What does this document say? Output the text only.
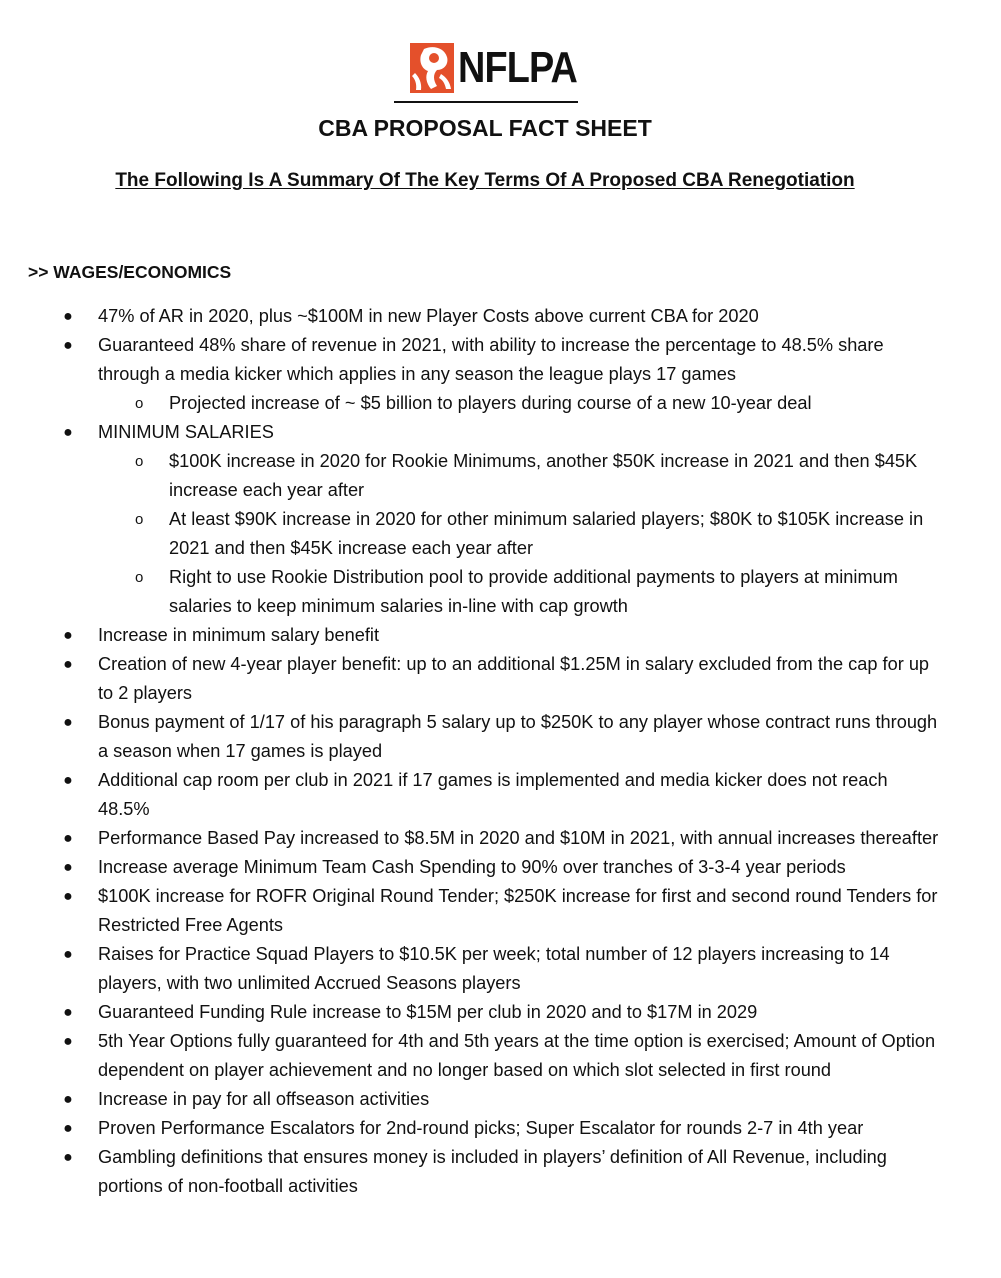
NFLPA
CBA PROPOSAL FACT SHEET
The Following Is A Summary Of The Key Terms Of A Proposed CBA Renegotiation
>> WAGES/ECONOMICS
● 47% of AR in 2020, plus ~$100M in new Player Costs above current CBA for 2020
● Guaranteed 48% share of revenue in 2021, with ability to increase the percentage to 48.5% share through a media kicker which applies in any season the league plays 17 games
o Projected increase of ~ $5 billion to players during course of a new 10-year deal
● MINIMUM SALARIES
o $100K increase in 2020 for Rookie Minimums, another $50K increase in 2021 and then $45K increase each year after
o At least $90K increase in 2020 for other minimum salaried players; $80K to $105K increase in 2021 and then $45K increase each year after
o Right to use Rookie Distribution pool to provide additional payments to players at minimum salaries to keep minimum salaries in-line with cap growth
● Increase in minimum salary benefit
● Creation of new 4-year player benefit: up to an additional $1.25M in salary excluded from the cap for up to 2 players
● Bonus payment of 1/17 of his paragraph 5 salary up to $250K to any player whose contract runs through a season when 17 games is played
● Additional cap room per club in 2021 if 17 games is implemented and media kicker does not reach 48.5%
● Performance Based Pay increased to $8.5M in 2020 and $10M in 2021, with annual increases thereafter
● Increase average Minimum Team Cash Spending to 90% over tranches of 3-3-4 year periods
● $100K increase for ROFR Original Round Tender; $250K increase for first and second round Tenders for Restricted Free Agents
● Raises for Practice Squad Players to $10.5K per week; total number of 12 players increasing to 14 players, with two unlimited Accrued Seasons players
● Guaranteed Funding Rule increase to $15M per club in 2020 and to $17M in 2029
● 5th Year Options fully guaranteed for 4th and 5th years at the time option is exercised; Amount of Option dependent on player achievement and no longer based on which slot selected in first round
● Increase in pay for all offseason activities
● Proven Performance Escalators for 2nd-round picks; Super Escalator for rounds 2-7 in 4th year
● Gambling definitions that ensures money is included in players’ definition of All Revenue, including portions of non-football activities
